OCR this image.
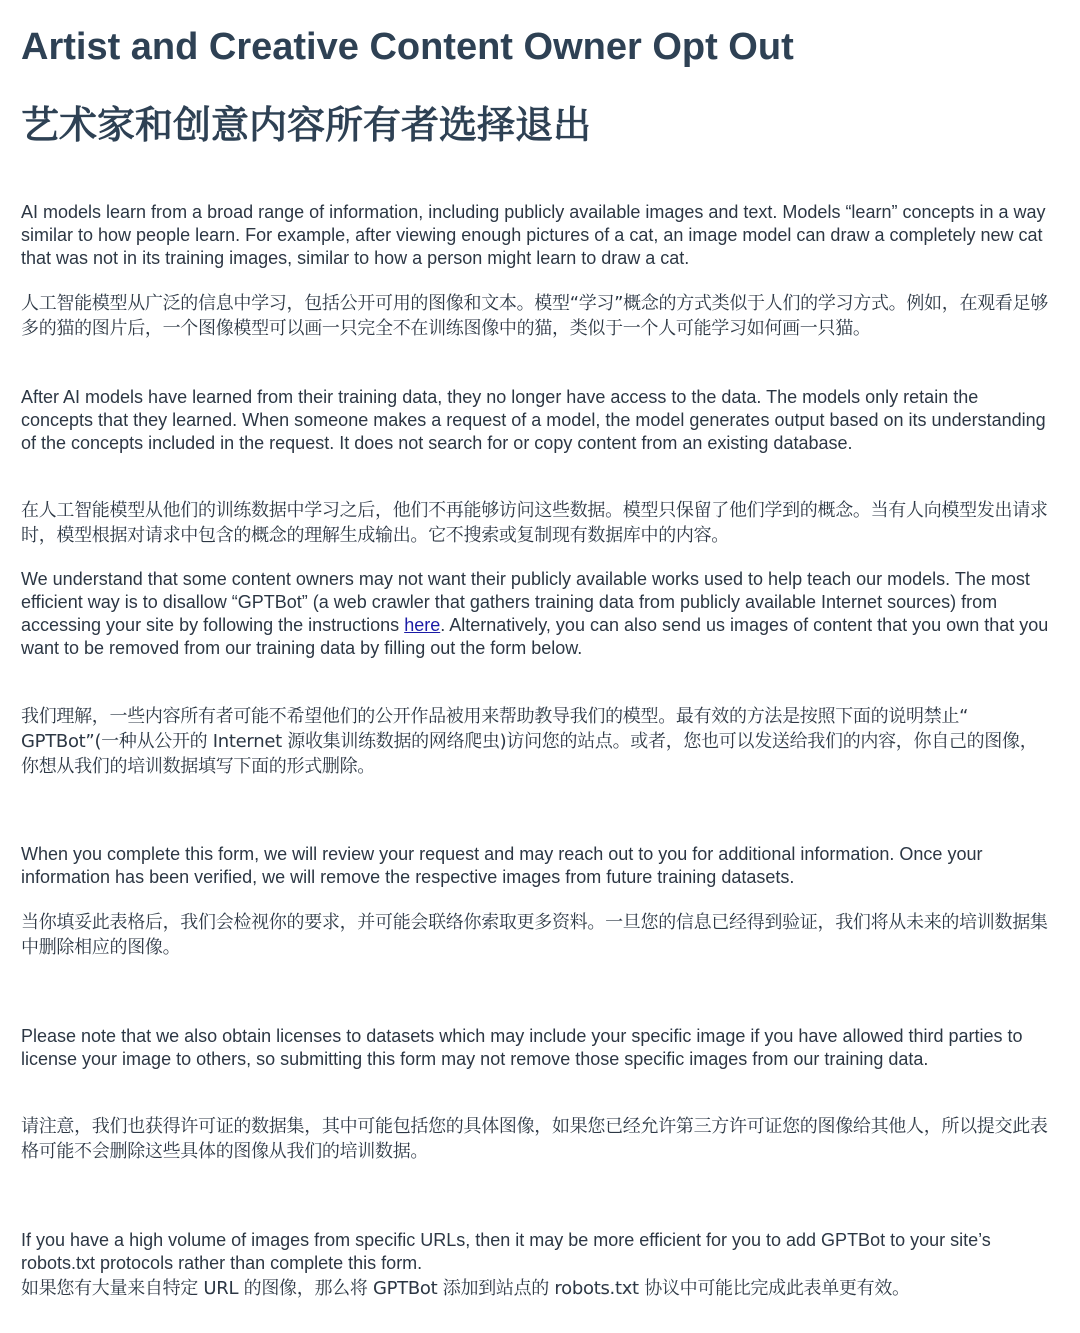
Artist and Creative Content Owner Opt Out
艺术家和创意内容所有者选择退出

AI models learn from a broad range of information, including publicly available images and text. Models “learn” concepts in a way similar to how people learn. For example, after viewing enough pictures of a cat, an image model can draw a completely new cat that was not in its training images, similar to how a person might learn to draw a cat.

人工智能模型从广泛的信息中学习，包括公开可用的图像和文本。模型“学习”概念的方式类似于人们的学习方式。例如，在观看足够多的猫的图片后，一个图像模型可以画一只完全不在训练图像中的猫，类似于一个人可能学习如何画一只猫。

After AI models have learned from their training data, they no longer have access to the data. The models only retain the concepts that they learned. When someone makes a request of a model, the model generates output based on its understanding of the concepts included in the request. It does not search for or copy content from an existing database.

在人工智能模型从他们的训练数据中学习之后，他们不再能够访问这些数据。模型只保留了他们学到的概念。当有人向模型发出请求时，模型根据对请求中包含的概念的理解生成输出。它不搜索或复制现有数据库中的内容。

We understand that some content owners may not want their publicly available works used to help teach our models. The most efficient way is to disallow “GPTBot” (a web crawler that gathers training data from publicly available Internet sources) from accessing your site by following the instructions here. Alternatively, you can also send us images of content that you own that you want to be removed from our training data by filling out the form below.

我们理解，一些内容所有者可能不希望他们的公开作品被用来帮助教导我们的模型。最有效的方法是按照下面的说明禁止“ GPTBot”(一种从公开的 Internet 源收集训练数据的网络爬虫)访问您的站点。或者，您也可以发送给我们的内容，你自己的图像，你想从我们的培训数据填写下面的形式删除。

When you complete this form, we will review your request and may reach out to you for additional information. Once your information has been verified, we will remove the respective images from future training datasets.

当你填妥此表格后，我们会检视你的要求，并可能会联络你索取更多资料。一旦您的信息已经得到验证，我们将从未来的培训数据集中删除相应的图像。

Please note that we also obtain licenses to datasets which may include your specific image if you have allowed third parties to license your image to others, so submitting this form may not remove those specific images from our training data.

请注意，我们也获得许可证的数据集，其中可能包括您的具体图像，如果您已经允许第三方许可证您的图像给其他人，所以提交此表格可能不会删除这些具体的图像从我们的培训数据。

If you have a high volume of images from specific URLs, then it may be more efficient for you to add GPTBot to your site’s robots.txt protocols rather than complete this form.

如果您有大量来自特定 URL 的图像，那么将 GPTBot 添加到站点的 robots.txt 协议中可能比完成此表单更有效。
